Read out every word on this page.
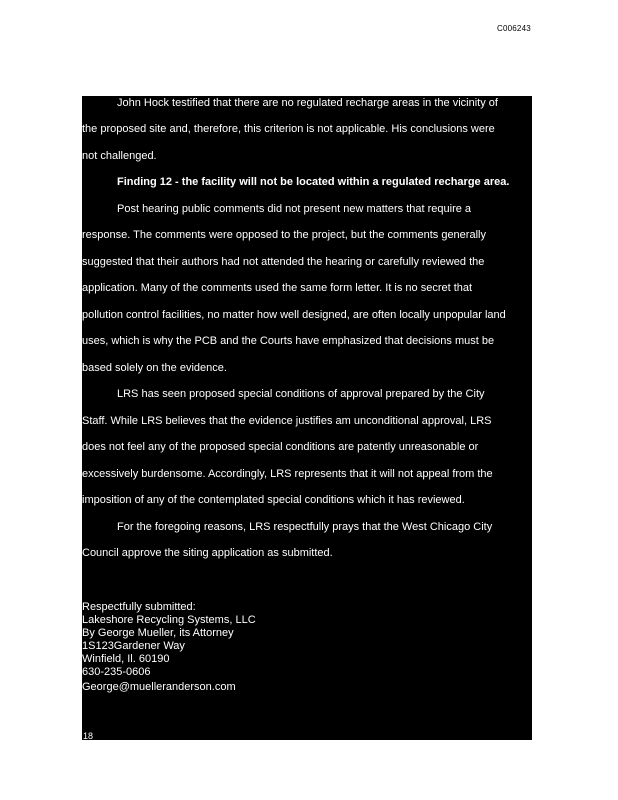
C006243
John Hock testified that there are no regulated recharge areas in the vicinity of
the proposed site and, therefore, this criterion is not applicable. His conclusions were
not challenged.
Finding 12 - the facility will not be located within a regulated recharge area.
Post hearing public comments did not present new matters that require a
response. The comments were opposed to the project, but the comments generally
suggested that their authors had not attended the hearing or carefully reviewed the
application. Many of the comments used the same form letter. It is no secret that
pollution control facilities, no matter how well designed, are often locally unpopular land
uses, which is why the PCB and the Courts have emphasized that decisions must be
based solely on the evidence.
LRS has seen proposed special conditions of approval prepared by the City
Staff. While LRS believes that the evidence justifies am unconditional approval, LRS
does not feel any of the proposed special conditions are patently unreasonable or
excessively burdensome. Accordingly, LRS represents that it will not appeal from the
imposition of any of the contemplated special conditions which it has reviewed.
For the foregoing reasons, LRS respectfully prays that the West Chicago City
Council approve the siting application as submitted.
Respectfully submitted:
Lakeshore Recycling Systems, LLC
By George Mueller, its Attorney
1S123Gardener Way
Winfield, Il. 60190
630-235-0606
George@muelleranderson.com
18
